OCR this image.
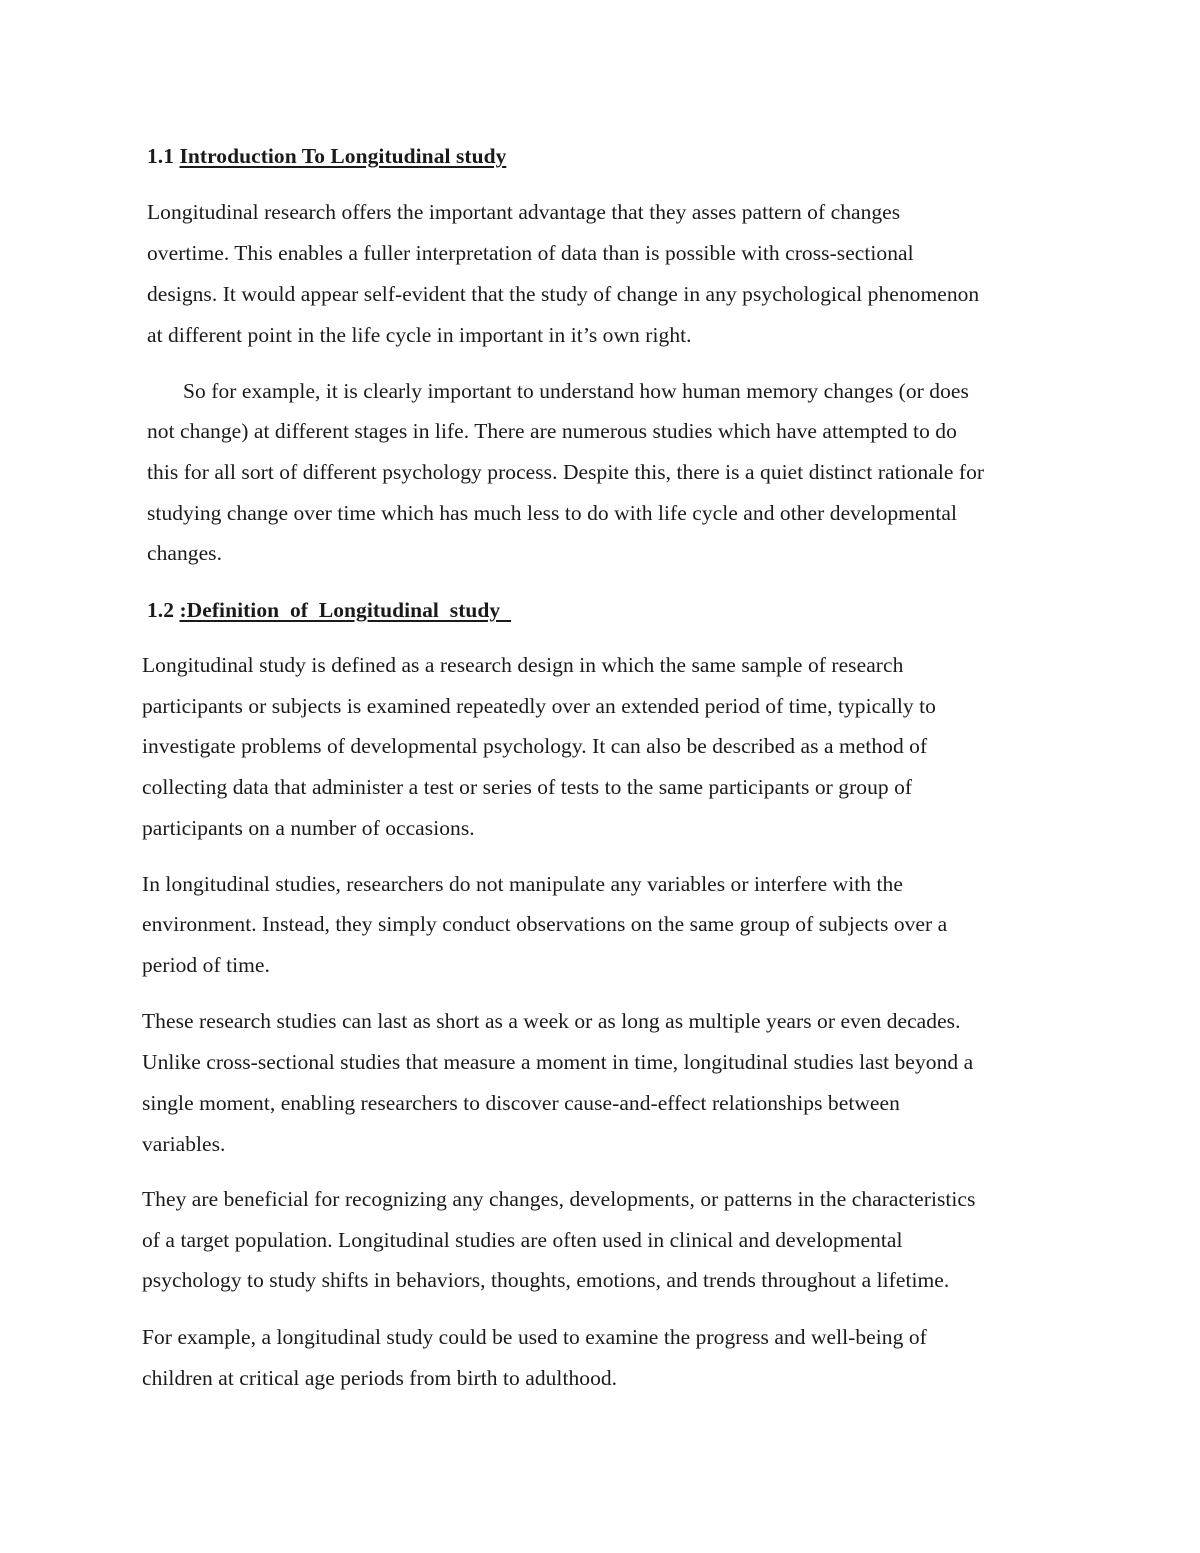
1.1 Introduction To Longitudinal study

Longitudinal research offers the important advantage that they asses pattern of changes

overtime. This enables a fuller interpretation of data than is possible with cross-sectional

designs. It would appear self-evident that the study of change in any psychological phenomenon

at different point in the life cycle in important in it’s own right.

So for example, it is clearly important to understand how human memory changes (or does

not change) at different stages in life. There are numerous studies which have attempted to do

this for all sort of different psychology process. Despite this, there is a quiet distinct rationale for

studying change over time which has much less to do with life cycle and other developmental

changes.

1.2 :Definition  of  Longitudinal  study

Longitudinal study is defined as a research design in which the same sample of research

participants or subjects is examined repeatedly over an extended period of time, typically to

investigate problems of developmental psychology. It can also be described as a method of

collecting data that administer a test or series of tests to the same participants or group of

participants on a number of occasions.

In longitudinal studies, researchers do not manipulate any variables or interfere with the

environment. Instead, they simply conduct observations on the same group of subjects over a

period of time.

These research studies can last as short as a week or as long as multiple years or even decades.

Unlike cross-sectional studies that measure a moment in time, longitudinal studies last beyond a

single moment, enabling researchers to discover cause-and-effect relationships between

variables.

They are beneficial for recognizing any changes, developments, or patterns in the characteristics

of a target population. Longitudinal studies are often used in clinical and developmental

psychology to study shifts in behaviors, thoughts, emotions, and trends throughout a lifetime.

For example, a longitudinal study could be used to examine the progress and well-being of

children at critical age periods from birth to adulthood.
